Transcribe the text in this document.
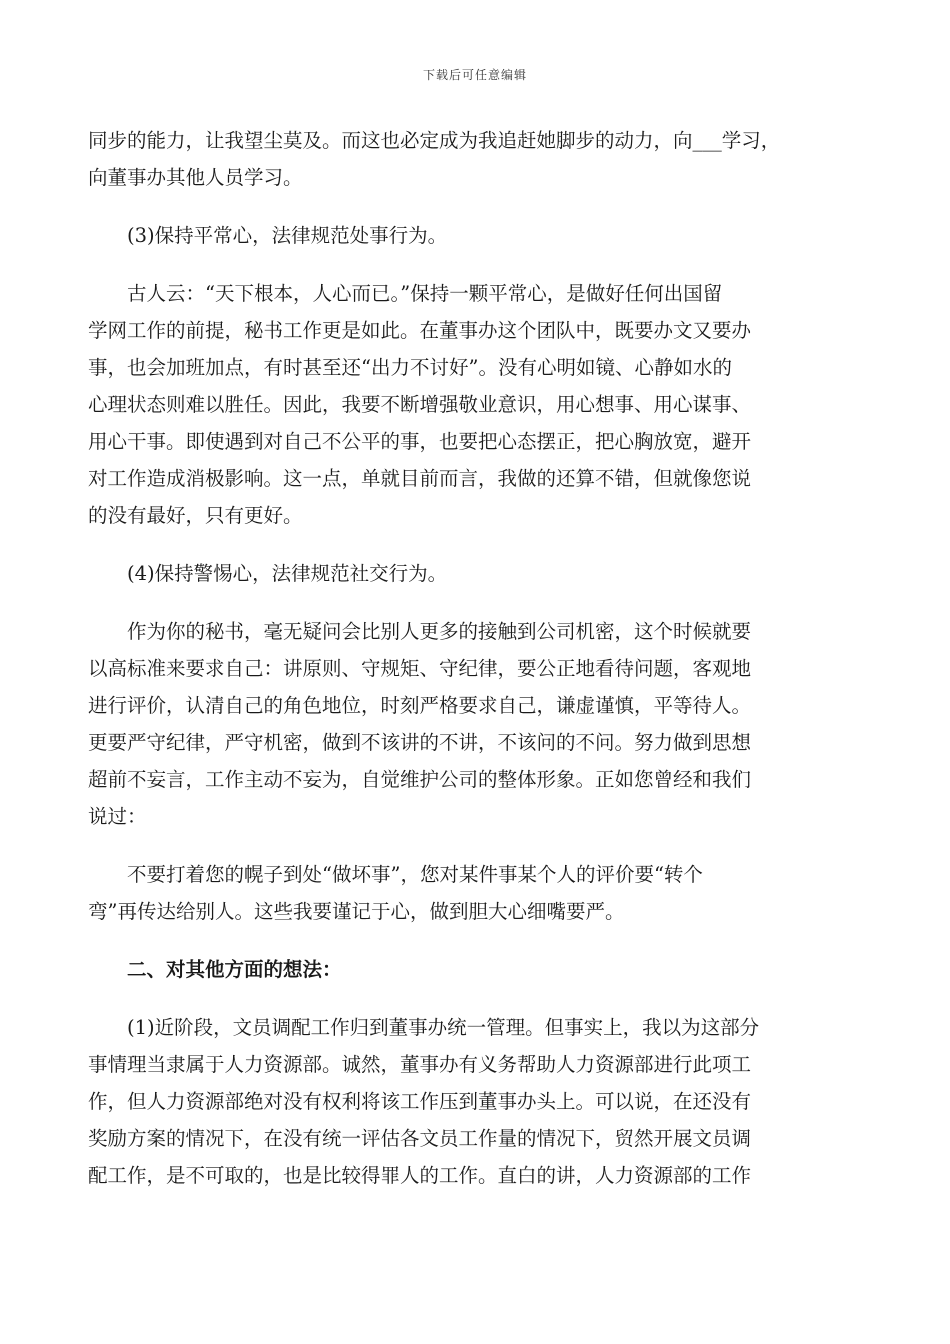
下载后可任意编辑

同步的能力，让我望尘莫及。而这也必定成为我追赶她脚步的动力，向___学习，
向董事办其他人员学习。

(3)保持平常心，法律规范处事行为。

古人云：“天下根本，人心而已。”保持一颗平常心，是做好任何出国留
学网工作的前提，秘书工作更是如此。在董事办这个团队中，既要办文又要办
事，也会加班加点，有时甚至还“出力不讨好”。没有心明如镜、心静如水的
心理状态则难以胜任。因此，我要不断增强敬业意识，用心想事、用心谋事、
用心干事。即使遇到对自己不公平的事，也要把心态摆正，把心胸放宽，避开
对工作造成消极影响。这一点，单就目前而言，我做的还算不错，但就像您说
的没有最好，只有更好。

(4)保持警惕心，法律规范社交行为。

作为你的秘书，毫无疑问会比别人更多的接触到公司机密，这个时候就要
以高标准来要求自己：讲原则、守规矩、守纪律，要公正地看待问题，客观地
进行评价，认清自己的角色地位，时刻严格要求自己，谦虚谨慎，平等待人。
更要严守纪律，严守机密，做到不该讲的不讲，不该问的不问。努力做到思想
超前不妄言，工作主动不妄为，自觉维护公司的整体形象。正如您曾经和我们
说过：

不要打着您的幌子到处“做坏事”，您对某件事某个人的评价要“转个
弯”再传达给别人。这些我要谨记于心，做到胆大心细嘴要严。

二、对其他方面的想法：

(1)近阶段，文员调配工作归到董事办统一管理。但事实上，我以为这部分
事情理当隶属于人力资源部。诚然，董事办有义务帮助人力资源部进行此项工
作，但人力资源部绝对没有权利将该工作压到董事办头上。可以说，在还没有
奖励方案的情况下，在没有统一评估各文员工作量的情况下，贸然开展文员调
配工作，是不可取的，也是比较得罪人的工作。直白的讲，人力资源部的工作
